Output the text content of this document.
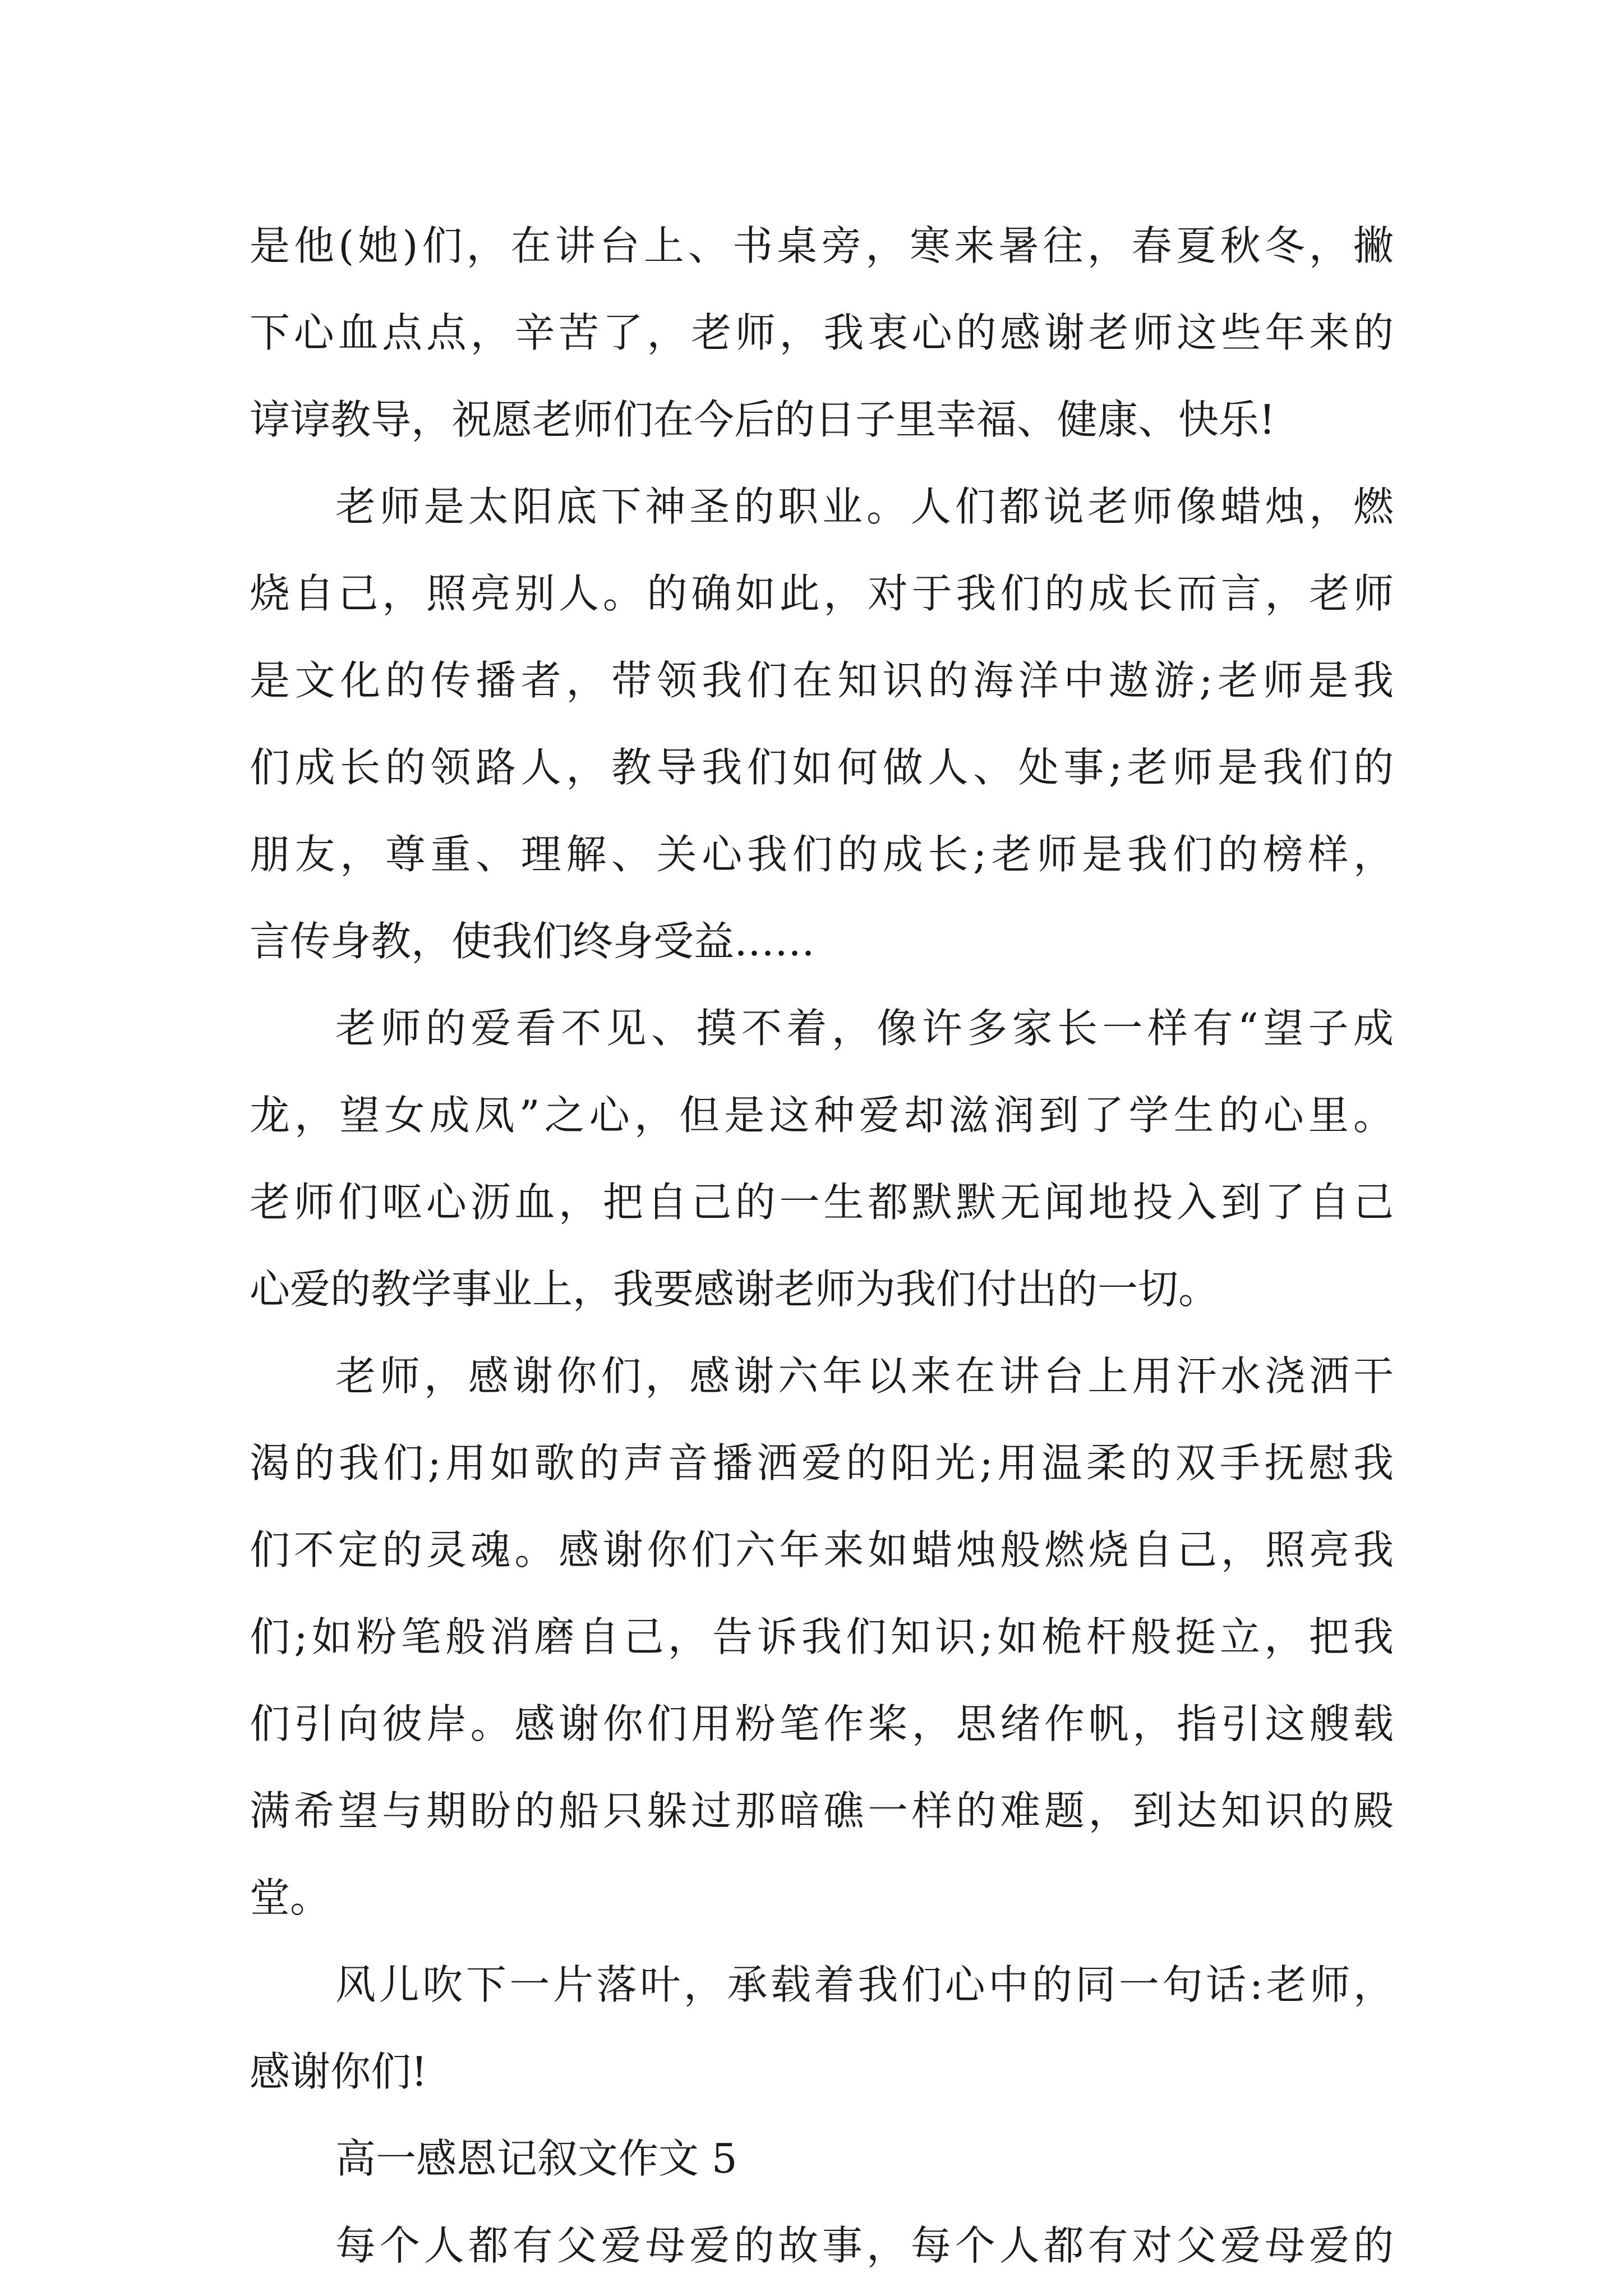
是他(她)们，在讲台上、书桌旁，寒来暑往，春夏秋冬，撇
下心血点点，辛苦了，老师，我衷心的感谢老师这些年来的
谆谆教导，祝愿老师们在今后的日子里幸福、健康、快乐!
老师是太阳底下神圣的职业。人们都说老师像蜡烛，燃
烧自己，照亮别人。的确如此，对于我们的成长而言，老师
是文化的传播者，带领我们在知识的海洋中遨游;老师是我
们成长的领路人，教导我们如何做人、处事;老师是我们的
朋友，尊重、理解、关心我们的成长;老师是我们的榜样，
言传身教，使我们终身受益……
老师的爱看不见、摸不着，像许多家长一样有“望子成
龙，望女成凤”之心，但是这种爱却滋润到了学生的心里。
老师们呕心沥血，把自己的一生都默默无闻地投入到了自己
心爱的教学事业上，我要感谢老师为我们付出的一切。
老师，感谢你们，感谢六年以来在讲台上用汗水浇洒干
渴的我们;用如歌的声音播洒爱的阳光;用温柔的双手抚慰我
们不定的灵魂。感谢你们六年来如蜡烛般燃烧自己，照亮我
们;如粉笔般消磨自己，告诉我们知识;如桅杆般挺立，把我
们引向彼岸。感谢你们用粉笔作桨，思绪作帆，指引这艘载
满希望与期盼的船只躲过那暗礁一样的难题，到达知识的殿
堂。
风儿吹下一片落叶，承载着我们心中的同一句话:老师，
感谢你们!
高一感恩记叙文作文 5
每个人都有父爱母爱的故事，每个人都有对父爱母爱的
